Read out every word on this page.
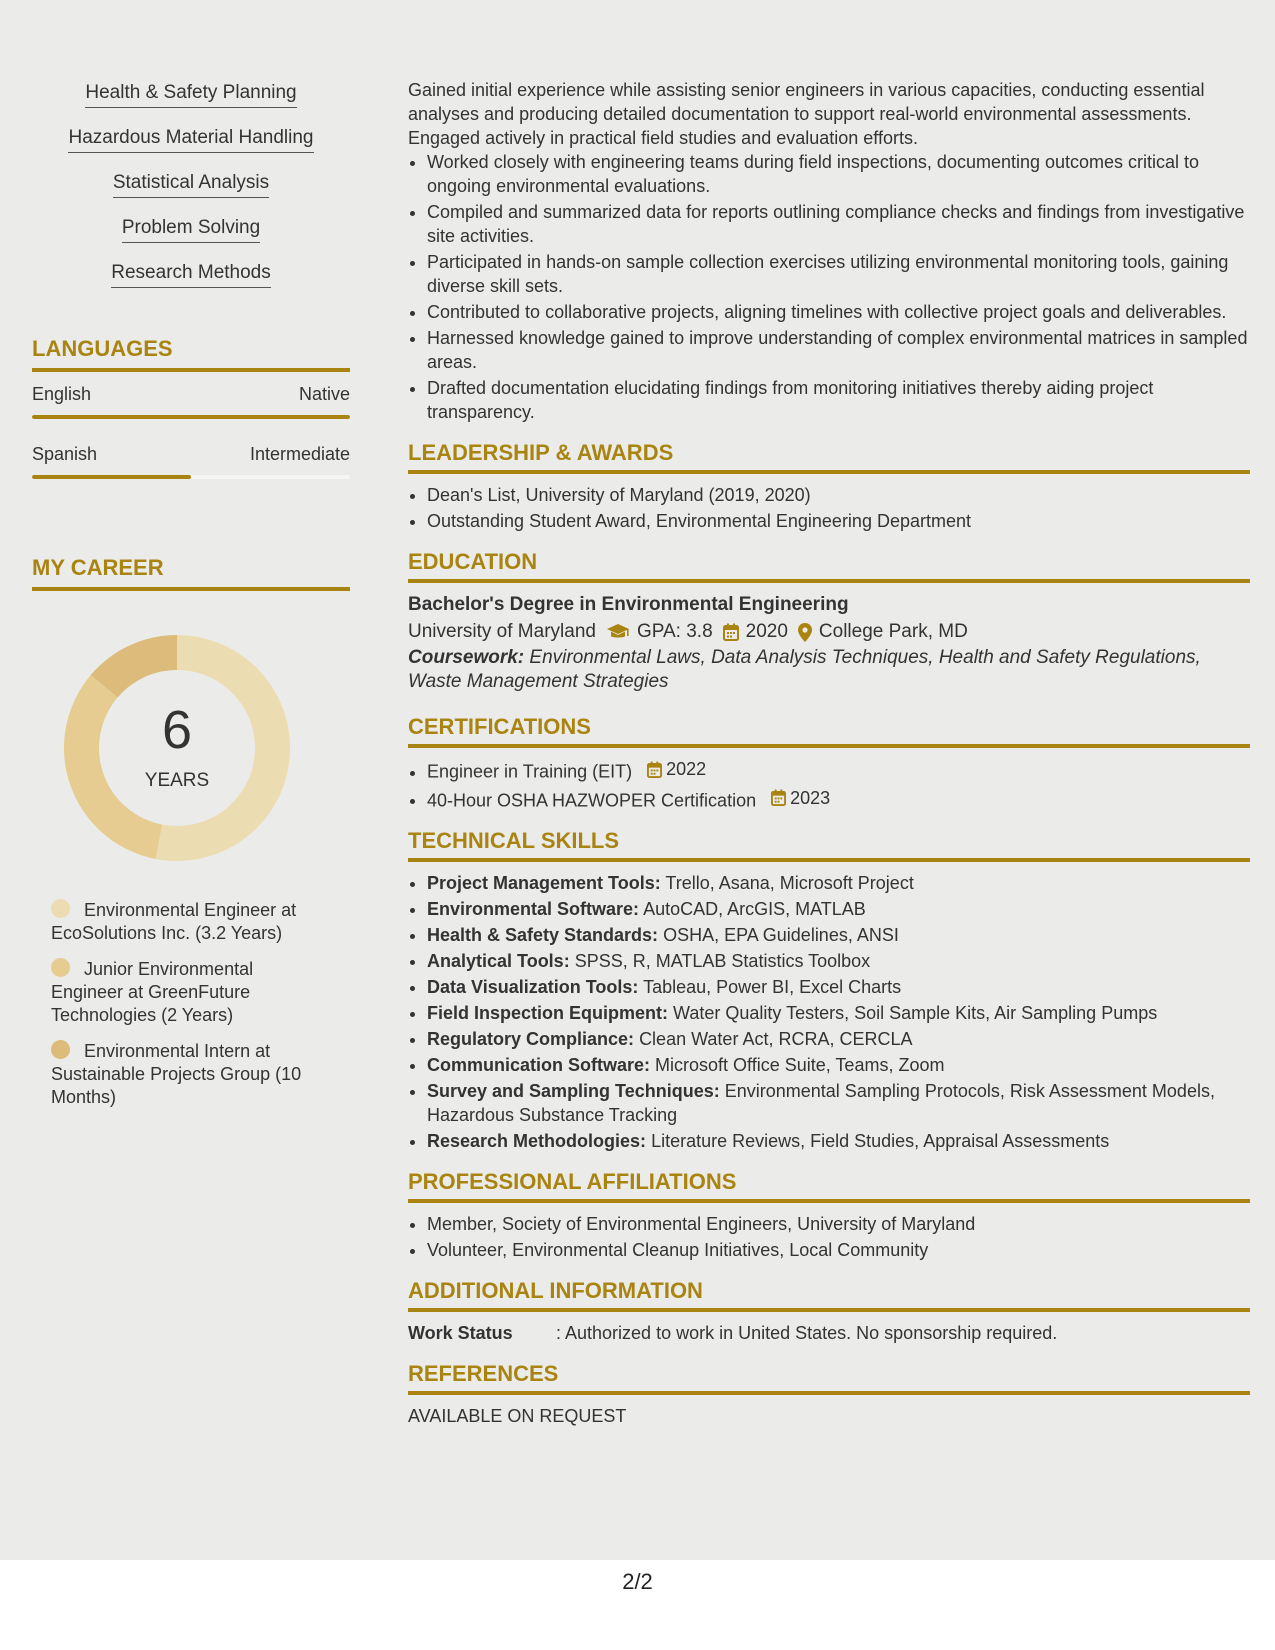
Health & Safety Planning
Hazardous Material Handling
Statistical Analysis
Problem Solving
Research Methods
LANGUAGES
English	Native
Spanish	Intermediate
MY CAREER
6
YEARS
Environmental Engineer at EcoSolutions Inc. (3.2 Years)
Junior Environmental Engineer at GreenFuture Technologies (2 Years)
Environmental Intern at Sustainable Projects Group (10 Months)

Gained initial experience while assisting senior engineers in various capacities, conducting essential analyses and producing detailed documentation to support real-world environmental assessments. Engaged actively in practical field studies and evaluation efforts.

• Worked closely with engineering teams during field inspections, documenting outcomes critical to ongoing environmental evaluations.
• Compiled and summarized data for reports outlining compliance checks and findings from investigative site activities.
• Participated in hands-on sample collection exercises utilizing environmental monitoring tools, gaining diverse skill sets.
• Contributed to collaborative projects, aligning timelines with collective project goals and deliverables.
• Harnessed knowledge gained to improve understanding of complex environmental matrices in sampled areas.
• Drafted documentation elucidating findings from monitoring initiatives thereby aiding project transparency.
LEADERSHIP & AWARDS
• Dean's List, University of Maryland (2019, 2020)
• Outstanding Student Award, Environmental Engineering Department
EDUCATION
Bachelor's Degree in Environmental Engineering
University of Maryland GPA: 3.8 2020 College Park, MD
Coursework: Environmental Laws, Data Analysis Techniques, Health and Safety Regulations, Waste Management Strategies
CERTIFICATIONS
• Engineer in Training (EIT) 2022
• 40-Hour OSHA HAZWOPER Certification 2023
TECHNICAL SKILLS
• Project Management Tools: Trello, Asana, Microsoft Project
• Environmental Software: AutoCAD, ArcGIS, MATLAB
• Health & Safety Standards: OSHA, EPA Guidelines, ANSI
• Analytical Tools: SPSS, R, MATLAB Statistics Toolbox
• Data Visualization Tools: Tableau, Power BI, Excel Charts
• Field Inspection Equipment: Water Quality Testers, Soil Sample Kits, Air Sampling Pumps
• Regulatory Compliance: Clean Water Act, RCRA, CERCLA
• Communication Software: Microsoft Office Suite, Teams, Zoom
• Survey and Sampling Techniques: Environmental Sampling Protocols, Risk Assessment Models, Hazardous Substance Tracking
• Research Methodologies: Literature Reviews, Field Studies, Appraisal Assessments
PROFESSIONAL AFFILIATIONS
• Member, Society of Environmental Engineers, University of Maryland
• Volunteer, Environmental Cleanup Initiatives, Local Community
ADDITIONAL INFORMATION
Work Status	: Authorized to work in United States. No sponsorship required.
REFERENCES
AVAILABLE ON REQUEST
2/2
